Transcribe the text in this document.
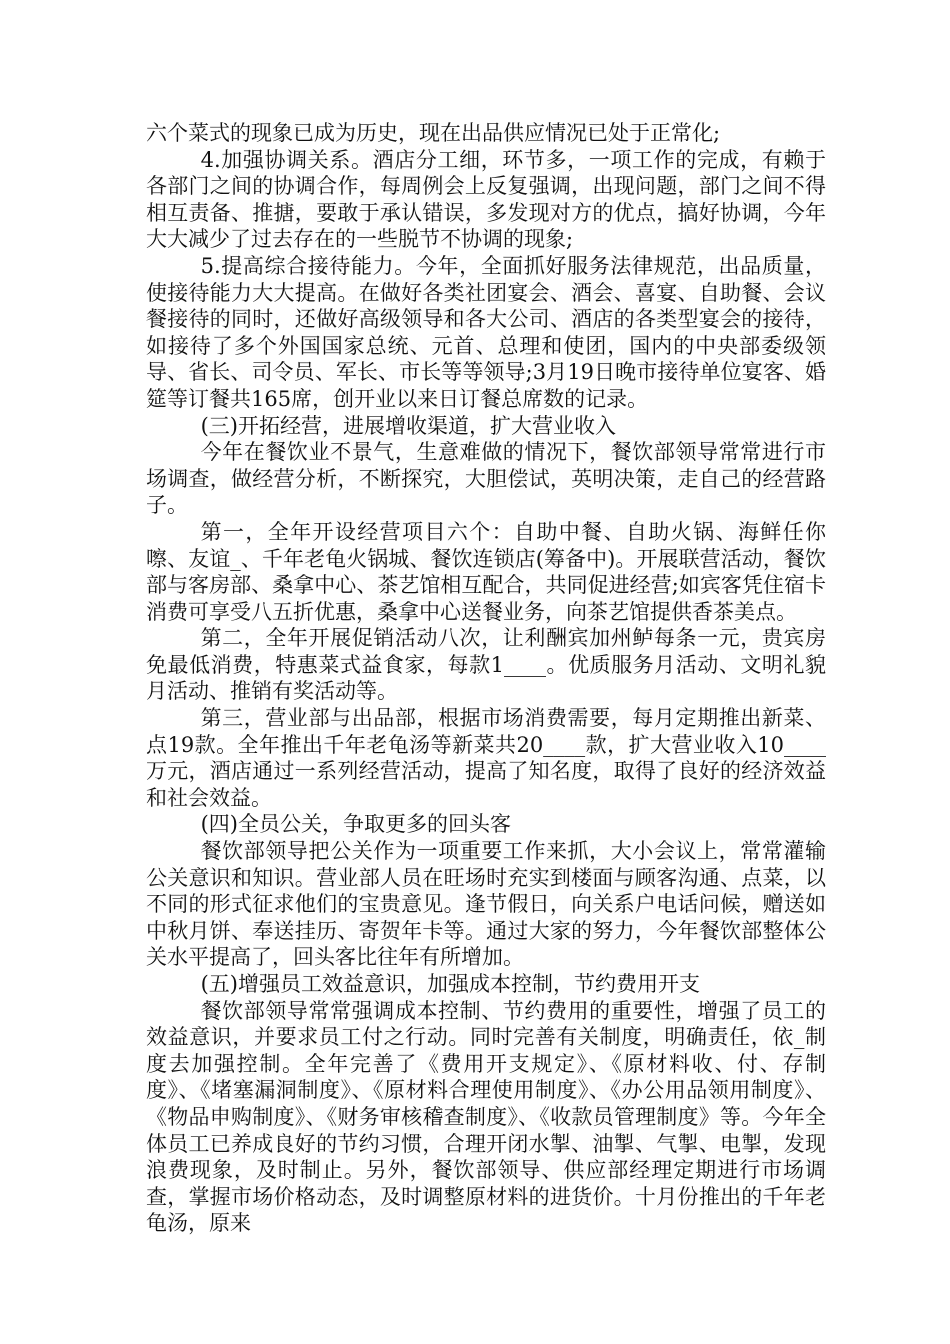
六个菜式的现象已成为历史，现在出品供应情况已处于正常化;

4.加强协调关系。酒店分工细，环节多，一项工作的完成，有赖于各部门之间的协调合作，每周例会上反复强调，出现问题，部门之间不得相互责备、推搪，要敢于承认错误，多发现对方的优点，搞好协调，今年大大减少了过去存在的一些脱节不协调的现象;

5.提高综合接待能力。今年，全面抓好服务法律规范，出品质量，使接待能力大大提高。在做好各类社团宴会、酒会、喜宴、自助餐、会议餐接待的同时，还做好高级领导和各大公司、酒店的各类型宴会的接待，如接待了多个外国国家总统、元首、总理和使团，国内的中央部委级领导、省长、司令员、军长、市长等等领导;3月19日晚市接待单位宴客、婚筵等订餐共165席，创开业以来日订餐总席数的记录。

(三)开拓经营，进展增收渠道，扩大营业收入

今年在餐饮业不景气，生意难做的情况下，餐饮部领导常常进行市场调查，做经营分析，不断探究，大胆偿试，英明决策，走自己的经营路子。

第一，全年开设经营项目六个：自助中餐、自助火锅、海鲜任你嚓、友谊_、千年老龟火锅城、餐饮连锁店(筹备中)。开展联营活动，餐饮部与客房部、桑拿中心、茶艺馆相互配合，共同促进经营;如宾客凭住宿卡消费可享受八五折优惠，桑拿中心送餐业务，向茶艺馆提供香茶美点。

第二，全年开展促销活动八次，让利酬宾加州鲈每条一元，贵宾房免最低消费，特惠菜式益食家，每款1____。优质服务月活动、文明礼貌月活动、推销有奖活动等。

第三，营业部与出品部，根据市场消费需要，每月定期推出新菜、点19款。全年推出千年老龟汤等新菜共20____款，扩大营业收入10____万元，酒店通过一系列经营活动，提高了知名度，取得了良好的经济效益和社会效益。

(四)全员公关，争取更多的回头客

餐饮部领导把公关作为一项重要工作来抓，大小会议上，常常灌输公关意识和知识。营业部人员在旺场时充实到楼面与顾客沟通、点菜，以不同的形式征求他们的宝贵意见。逢节假日，向关系户电话问候，赠送如中秋月饼、奉送挂历、寄贺年卡等。通过大家的努力，今年餐饮部整体公关水平提高了，回头客比往年有所增加。

(五)增强员工效益意识，加强成本控制，节约费用开支

餐饮部领导常常强调成本控制、节约费用的重要性，增强了员工的效益意识，并要求员工付之行动。同时完善有关制度，明确责任，依_制度去加强控制。全年完善了《费用开支规定》、《原材料收、付、存制度》、《堵塞漏洞制度》、《原材料合理使用制度》、《办公用品领用制度》、《物品申购制度》、《财务审核稽查制度》、《收款员管理制度》等。今年全体员工已养成良好的节约习惯，合理开闭水掣、油掣、气掣、电掣，发现浪费现象，及时制止。另外，餐饮部领导、供应部经理定期进行市场调查，掌握市场价格动态，及时调整原材料的进货价。十月份推出的千年老龟汤，原来
